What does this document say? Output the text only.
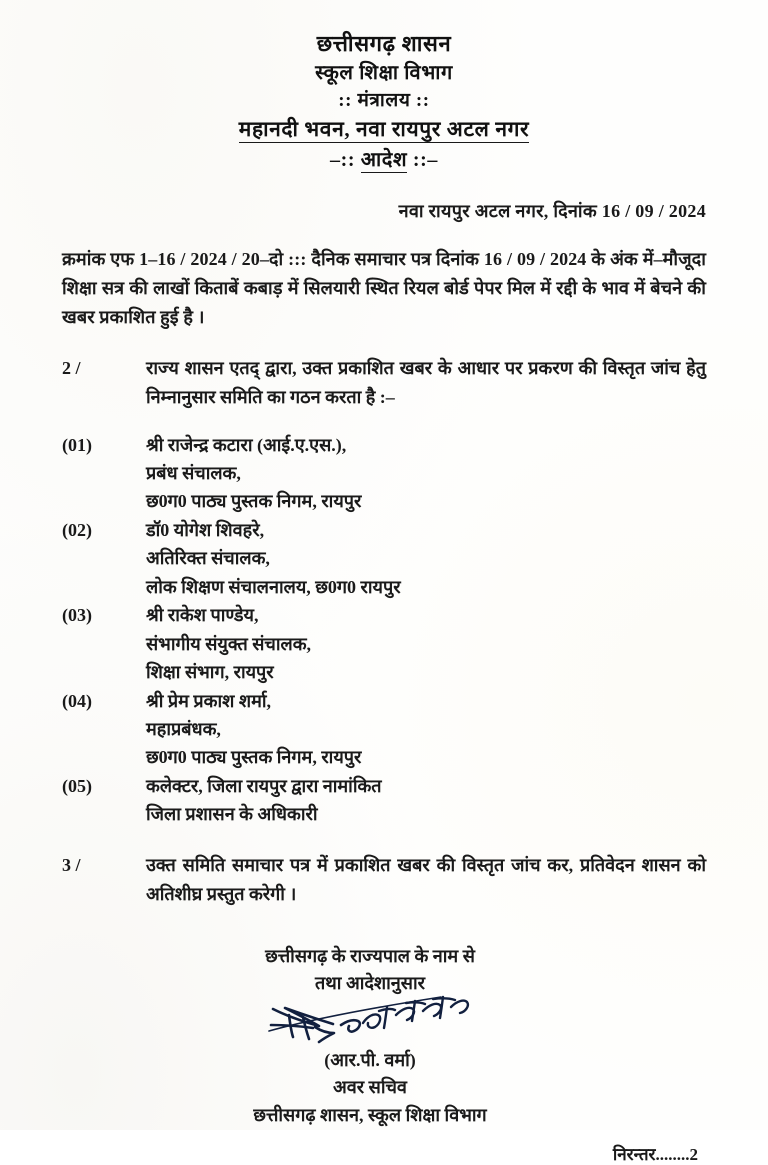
छत्तीसगढ़ शासन
स्कूल शिक्षा विभाग
:: मंत्रालय ::
महानदी भवन, नवा रायपुर अटल नगर
–:: आदेश ::–
नवा रायपुर अटल नगर, दिनांक 16 / 09 / 2024
क्रमांक एफ 1–16 / 2024 / 20–दो ::: दैनिक समाचार पत्र दिनांक 16 / 09 / 2024 के अंक में–मौजूदा शिक्षा सत्र की लाखों किताबें कबाड़ में सिलयारी स्थित रियल बोर्ड पेपर मिल में रद्दी के भाव में बेचने की खबर प्रकाशित हुई है ।
2 /	राज्य शासन एतद् द्वारा, उक्त प्रकाशित खबर के आधार पर प्रकरण की विस्तृत जांच हेतु निम्नानुसार समिति का गठन करता है :–
(01)	श्री राजेन्द्र कटारा (आई.ए.एस.),
प्रबंध संचालक,
छ0ग0 पाठ्य पुस्तक निगम, रायपुर
(02)	डॉ0 योगेश शिवहरे,
अतिरिक्त संचालक,
लोक शिक्षण संचालनालय, छ0ग0 रायपुर
(03)	श्री राकेश पाण्डेय,
संभागीय संयुक्त संचालक,
शिक्षा संभाग, रायपुर
(04)	श्री प्रेम प्रकाश शर्मा,
महाप्रबंधक,
छ0ग0 पाठ्य पुस्तक निगम, रायपुर
(05)	कलेक्टर, जिला रायपुर द्वारा नामांकित
जिला प्रशासन के अधिकारी
3 /	उक्त समिति समाचार पत्र में प्रकाशित खबर की विस्तृत जांच कर, प्रतिवेदन शासन को अतिशीघ्र प्रस्तुत करेगी ।
छत्तीसगढ़ के राज्यपाल के नाम से
तथा आदेशानुसार
(आर.पी. वर्मा)
अवर सचिव
छत्तीसगढ़ शासन, स्कूल शिक्षा विभाग
निरन्तर........2
